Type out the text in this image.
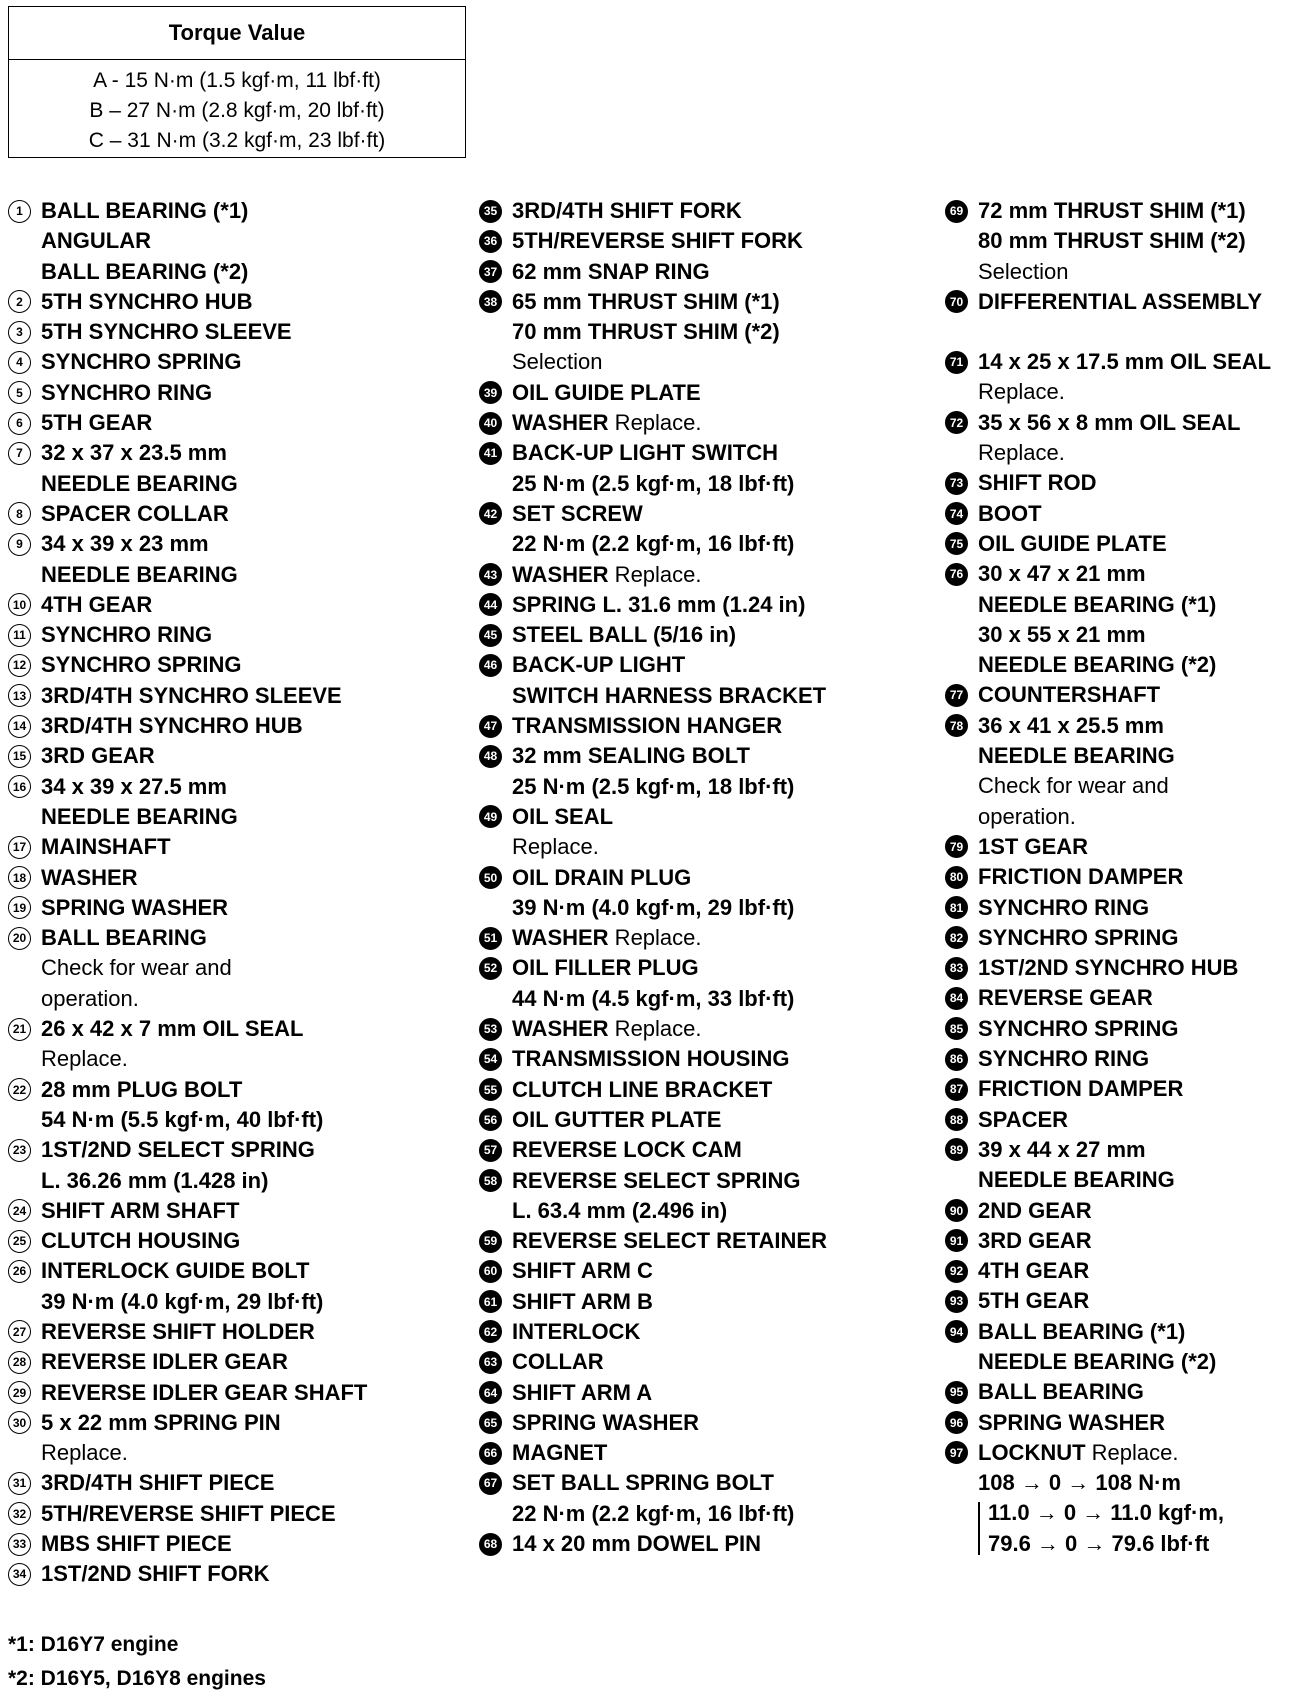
Torque Value
A - 15 N·m (1.5 kgf·m, 11 lbf·ft)
B – 27 N·m (2.8 kgf·m, 20 lbf·ft)
C – 31 N·m (3.2 kgf·m, 23 lbf·ft)
1 BALL BEARING (*1)
ANGULAR
BALL BEARING (*2)
2 5TH SYNCHRO HUB
3 5TH SYNCHRO SLEEVE
4 SYNCHRO SPRING
5 SYNCHRO RING
6 5TH GEAR
7 32 x 37 x 23.5 mm
NEEDLE BEARING
8 SPACER COLLAR
9 34 x 39 x 23 mm
NEEDLE BEARING
10 4TH GEAR
11 SYNCHRO RING
12 SYNCHRO SPRING
13 3RD/4TH SYNCHRO SLEEVE
14 3RD/4TH SYNCHRO HUB
15 3RD GEAR
16 34 x 39 x 27.5 mm
NEEDLE BEARING
17 MAINSHAFT
18 WASHER
19 SPRING WASHER
20 BALL BEARING
Check for wear and
operation.
21 26 x 42 x 7 mm OIL SEAL
Replace.
22 28 mm PLUG BOLT
54 N·m (5.5 kgf·m, 40 lbf·ft)
23 1ST/2ND SELECT SPRING
L. 36.26 mm (1.428 in)
24 SHIFT ARM SHAFT
25 CLUTCH HOUSING
26 INTERLOCK GUIDE BOLT
39 N·m (4.0 kgf·m, 29 lbf·ft)
27 REVERSE SHIFT HOLDER
28 REVERSE IDLER GEAR
29 REVERSE IDLER GEAR SHAFT
30 5 x 22 mm SPRING PIN
Replace.
31 3RD/4TH SHIFT PIECE
32 5TH/REVERSE SHIFT PIECE
33 MBS SHIFT PIECE
34 1ST/2ND SHIFT FORK
35 3RD/4TH SHIFT FORK
36 5TH/REVERSE SHIFT FORK
37 62 mm SNAP RING
38 65 mm THRUST SHIM (*1)
70 mm THRUST SHIM (*2)
Selection
39 OIL GUIDE PLATE
40 WASHER Replace.
41 BACK-UP LIGHT SWITCH
25 N·m (2.5 kgf·m, 18 lbf·ft)
42 SET SCREW
22 N·m (2.2 kgf·m, 16 lbf·ft)
43 WASHER Replace.
44 SPRING L. 31.6 mm (1.24 in)
45 STEEL BALL (5/16 in)
46 BACK-UP LIGHT
SWITCH HARNESS BRACKET
47 TRANSMISSION HANGER
48 32 mm SEALING BOLT
25 N·m (2.5 kgf·m, 18 lbf·ft)
49 OIL SEAL
Replace.
50 OIL DRAIN PLUG
39 N·m (4.0 kgf·m, 29 lbf·ft)
51 WASHER Replace.
52 OIL FILLER PLUG
44 N·m (4.5 kgf·m, 33 lbf·ft)
53 WASHER Replace.
54 TRANSMISSION HOUSING
55 CLUTCH LINE BRACKET
56 OIL GUTTER PLATE
57 REVERSE LOCK CAM
58 REVERSE SELECT SPRING
L. 63.4 mm (2.496 in)
59 REVERSE SELECT RETAINER
60 SHIFT ARM C
61 SHIFT ARM B
62 INTERLOCK
63 COLLAR
64 SHIFT ARM A
65 SPRING WASHER
66 MAGNET
67 SET BALL SPRING BOLT
22 N·m (2.2 kgf·m, 16 lbf·ft)
68 14 x 20 mm DOWEL PIN
69 72 mm THRUST SHIM (*1)
80 mm THRUST SHIM (*2)
Selection
70 DIFFERENTIAL ASSEMBLY
71 14 x 25 x 17.5 mm OIL SEAL
Replace.
72 35 x 56 x 8 mm OIL SEAL
Replace.
73 SHIFT ROD
74 BOOT
75 OIL GUIDE PLATE
76 30 x 47 x 21 mm
NEEDLE BEARING (*1)
30 x 55 x 21 mm
NEEDLE BEARING (*2)
77 COUNTERSHAFT
78 36 x 41 x 25.5 mm
NEEDLE BEARING
Check for wear and
operation.
79 1ST GEAR
80 FRICTION DAMPER
81 SYNCHRO RING
82 SYNCHRO SPRING
83 1ST/2ND SYNCHRO HUB
84 REVERSE GEAR
85 SYNCHRO SPRING
86 SYNCHRO RING
87 FRICTION DAMPER
88 SPACER
89 39 x 44 x 27 mm
NEEDLE BEARING
90 2ND GEAR
91 3RD GEAR
92 4TH GEAR
93 5TH GEAR
94 BALL BEARING (*1)
NEEDLE BEARING (*2)
95 BALL BEARING
96 SPRING WASHER
97 LOCKNUT Replace.
108 → 0 → 108 N·m
11.0 → 0 → 11.0 kgf·m,
79.6 → 0 → 79.6 lbf·ft
*1: D16Y7 engine
*2: D16Y5, D16Y8 engines
